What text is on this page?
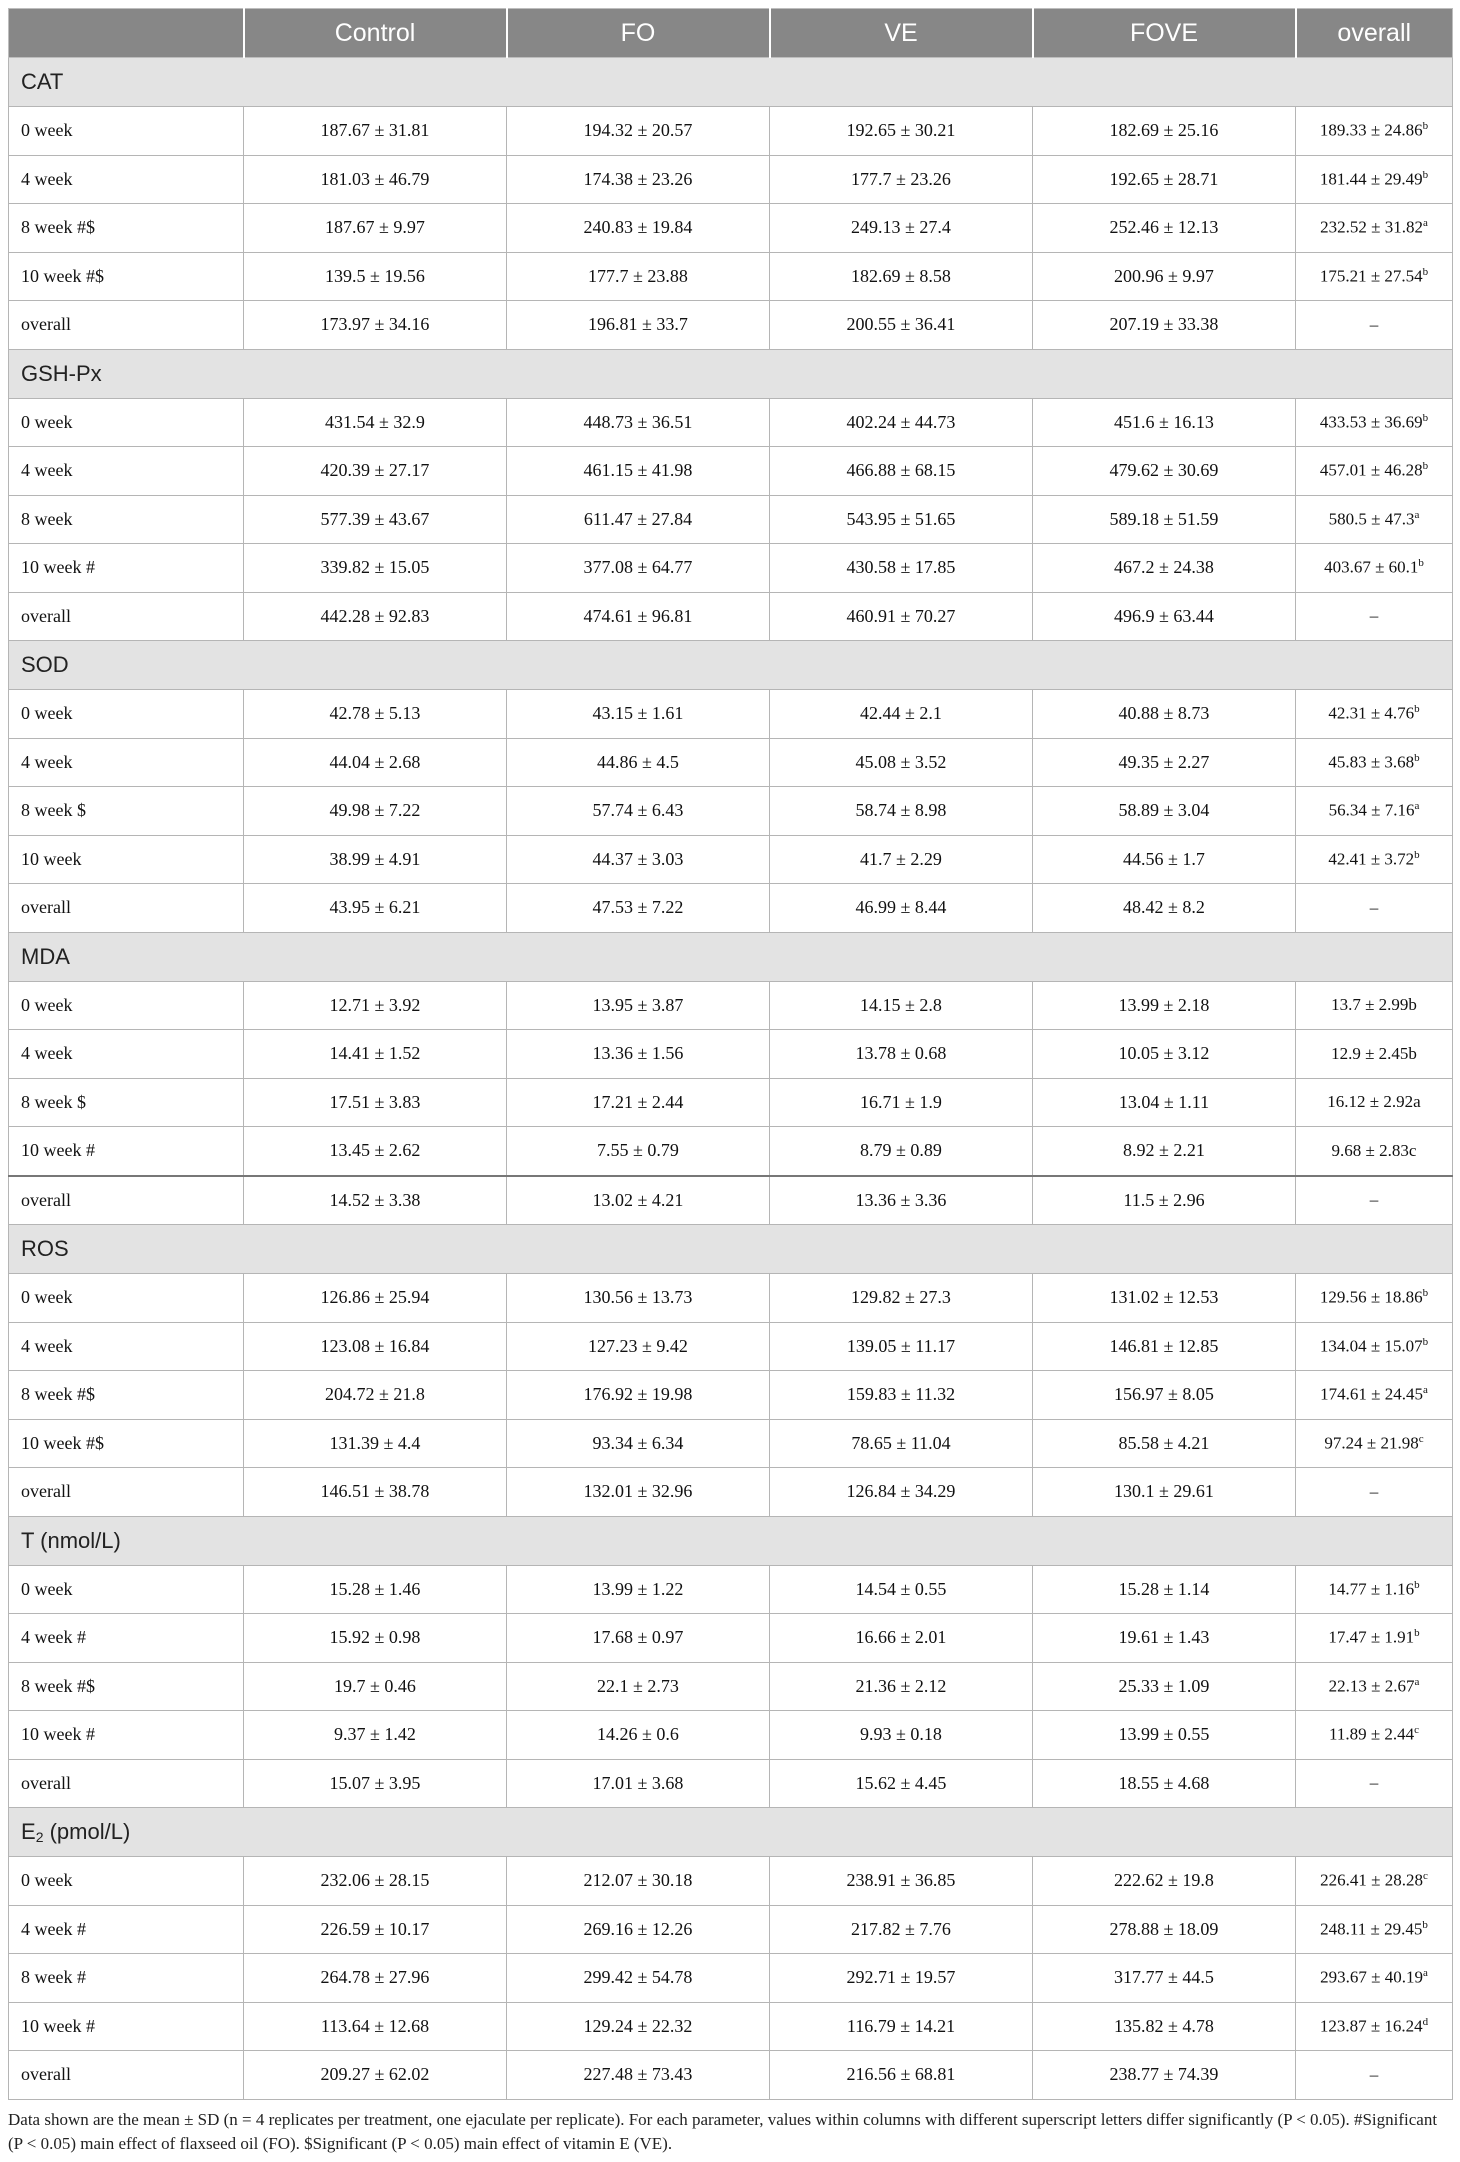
	Control	FO	VE	FOVE	overall
CAT					
0 week	187.67 ± 31.81	194.32 ± 20.57	192.65 ± 30.21	182.69 ± 25.16	189.33 ± 24.86$^b$
4 week	181.03 ± 46.79	174.38 ± 23.26	177.7 ± 23.26	192.65 ± 28.71	181.44 ± 29.49$^b$
8 week #$	187.67 ± 9.97	240.83 ± 19.84	249.13 ± 27.4	252.46 ± 12.13	232.52 ± 31.82$^a$
10 week #$	139.5 ± 19.56	177.7 ± 23.88	182.69 ± 8.58	200.96 ± 9.97	175.21 ± 27.54$^b$
overall	173.97 ± 34.16	196.81 ± 33.7	200.55 ± 36.41	207.19 ± 33.38	–
GSH-Px					
0 week	431.54 ± 32.9	448.73 ± 36.51	402.24 ± 44.73	451.6 ± 16.13	433.53 ± 36.69$^b$
4 week	420.39 ± 27.17	461.15 ± 41.98	466.88 ± 68.15	479.62 ± 30.69	457.01 ± 46.28$^b$
8 week	577.39 ± 43.67	611.47 ± 27.84	543.95 ± 51.65	589.18 ± 51.59	580.5 ± 47.3$^a$
10 week #	339.82 ± 15.05	377.08 ± 64.77	430.58 ± 17.85	467.2 ± 24.38	403.67 ± 60.1$^b$
overall	442.28 ± 92.83	474.61 ± 96.81	460.91 ± 70.27	496.9 ± 63.44	–
SOD					
0 week	42.78 ± 5.13	43.15 ± 1.61	42.44 ± 2.1	40.88 ± 8.73	42.31 ± 4.76$^b$
4 week	44.04 ± 2.68	44.86 ± 4.5	45.08 ± 3.52	49.35 ± 2.27	45.83 ± 3.68$^b$
8 week $	49.98 ± 7.22	57.74 ± 6.43	58.74 ± 8.98	58.89 ± 3.04	56.34 ± 7.16$^a$
10 week	38.99 ± 4.91	44.37 ± 3.03	41.7 ± 2.29	44.56 ± 1.7	42.41 ± 3.72$^b$
overall	43.95 ± 6.21	47.53 ± 7.22	46.99 ± 8.44	48.42 ± 8.2	–
MDA					
0 week	12.71 ± 3.92	13.95 ± 3.87	14.15 ± 2.8	13.99 ± 2.18	13.7 ± 2.99b
4 week	14.41 ± 1.52	13.36 ± 1.56	13.78 ± 0.68	10.05 ± 3.12	12.9 ± 2.45b
8 week $	17.51 ± 3.83	17.21 ± 2.44	16.71 ± 1.9	13.04 ± 1.11	16.12 ± 2.92a
10 week #	13.45 ± 2.62	7.55 ± 0.79	8.79 ± 0.89	8.92 ± 2.21	9.68 ± 2.83c
overall	14.52 ± 3.38	13.02 ± 4.21	13.36 ± 3.36	11.5 ± 2.96	–
ROS					
0 week	126.86 ± 25.94	130.56 ± 13.73	129.82 ± 27.3	131.02 ± 12.53	129.56 ± 18.86$^b$
4 week	123.08 ± 16.84	127.23 ± 9.42	139.05 ± 11.17	146.81 ± 12.85	134.04 ± 15.07$^b$
8 week #$	204.72 ± 21.8	176.92 ± 19.98	159.83 ± 11.32	156.97 ± 8.05	174.61 ± 24.45$^a$
10 week #$	131.39 ± 4.4	93.34 ± 6.34	78.65 ± 11.04	85.58 ± 4.21	97.24 ± 21.98$^c$
overall	146.51 ± 38.78	132.01 ± 32.96	126.84 ± 34.29	130.1 ± 29.61	–
T (nmol/L)					
0 week	15.28 ± 1.46	13.99 ± 1.22	14.54 ± 0.55	15.28 ± 1.14	14.77 ± 1.16$^b$
4 week #	15.92 ± 0.98	17.68 ± 0.97	16.66 ± 2.01	19.61 ± 1.43	17.47 ± 1.91$^b$
8 week #$	19.7 ± 0.46	22.1 ± 2.73	21.36 ± 2.12	25.33 ± 1.09	22.13 ± 2.67$^a$
10 week #	9.37 ± 1.42	14.26 ± 0.6	9.93 ± 0.18	13.99 ± 0.55	11.89 ± 2.44$^c$
overall	15.07 ± 3.95	17.01 ± 3.68	15.62 ± 4.45	18.55 ± 4.68	–
$E_2$ (pmol/L)					
0 week	232.06 ± 28.15	212.07 ± 30.18	238.91 ± 36.85	222.62 ± 19.8	226.41 ± 28.28$^c$
4 week #	226.59 ± 10.17	269.16 ± 12.26	217.82 ± 7.76	278.88 ± 18.09	248.11 ± 29.45$^b$
8 week #	264.78 ± 27.96	299.42 ± 54.78	292.71 ± 19.57	317.77 ± 44.5	293.67 ± 40.19$^a$
10 week #	113.64 ± 12.68	129.24 ± 22.32	116.79 ± 14.21	135.82 ± 4.78	123.87 ± 16.24$^d$
overall	209.27 ± 62.02	227.48 ± 73.43	216.56 ± 68.81	238.77 ± 74.39	–
Data shown are the mean ± SD (n = 4 replicates per treatment, one ejaculate per replicate). For each parameter, values within columns with different superscript letters differ significantly (P < 0.05). #Significant (P < 0.05) main effect of flaxseed oil (FO). $Significant (P < 0.05) main effect of vitamin E (VE).
